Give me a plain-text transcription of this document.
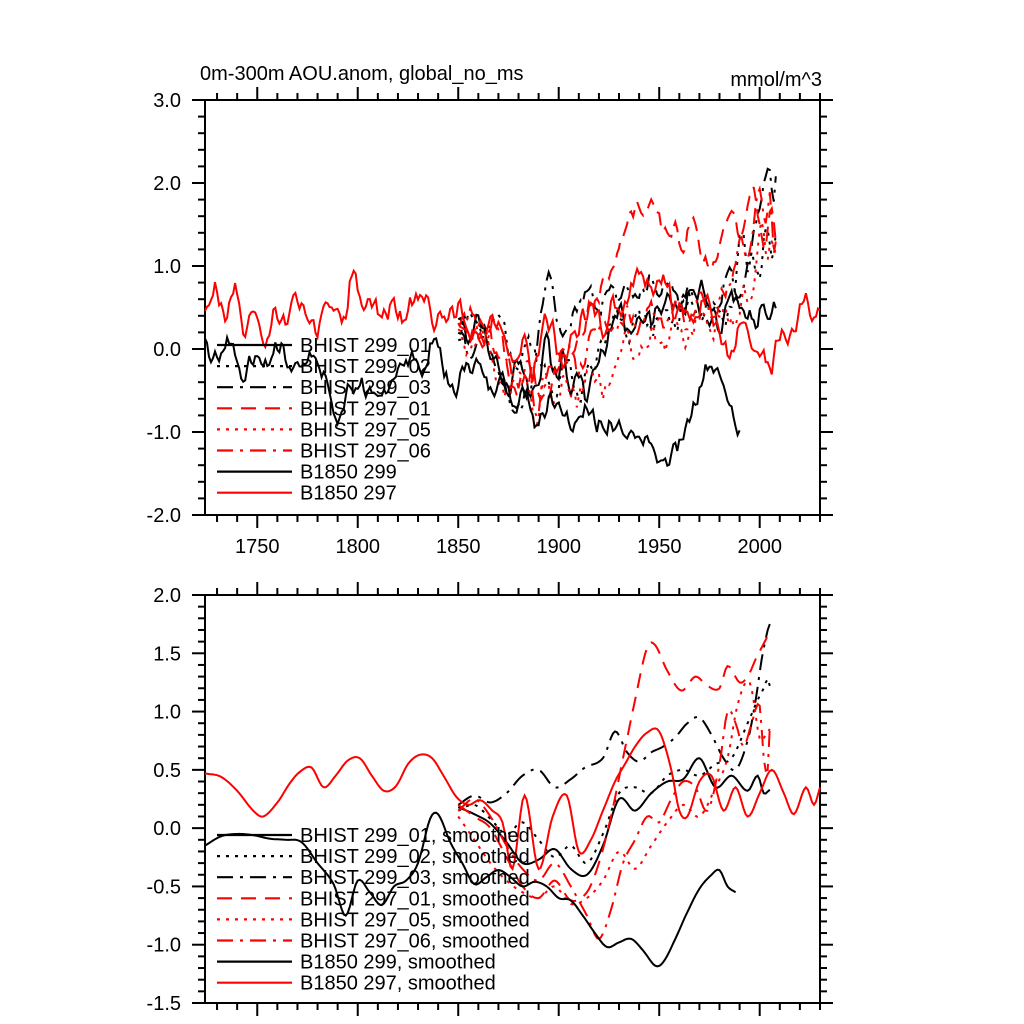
1750	1800	1850	1900	1950	2000
3.0
2.0
1.0
0.0
-1.0
-2.0
BHIST 299_01
BHIST 299_02
BHIST 299_03
BHIST 297_01
BHIST 297_05
BHIST 297_06
B1850 299
B1850 297
2.0
1.5
1.0
0.5
0.0
-0.5
-1.0
-1.5
BHIST 299_01, smoothed
BHIST 299_02, smoothed
BHIST 299_03, smoothed
BHIST 297_01, smoothed
BHIST 297_05, smoothed
BHIST 297_06, smoothed
B1850 299, smoothed
B1850 297, smoothed
0m-300m AOU.anom, global_no_ms	mmol/m^3
